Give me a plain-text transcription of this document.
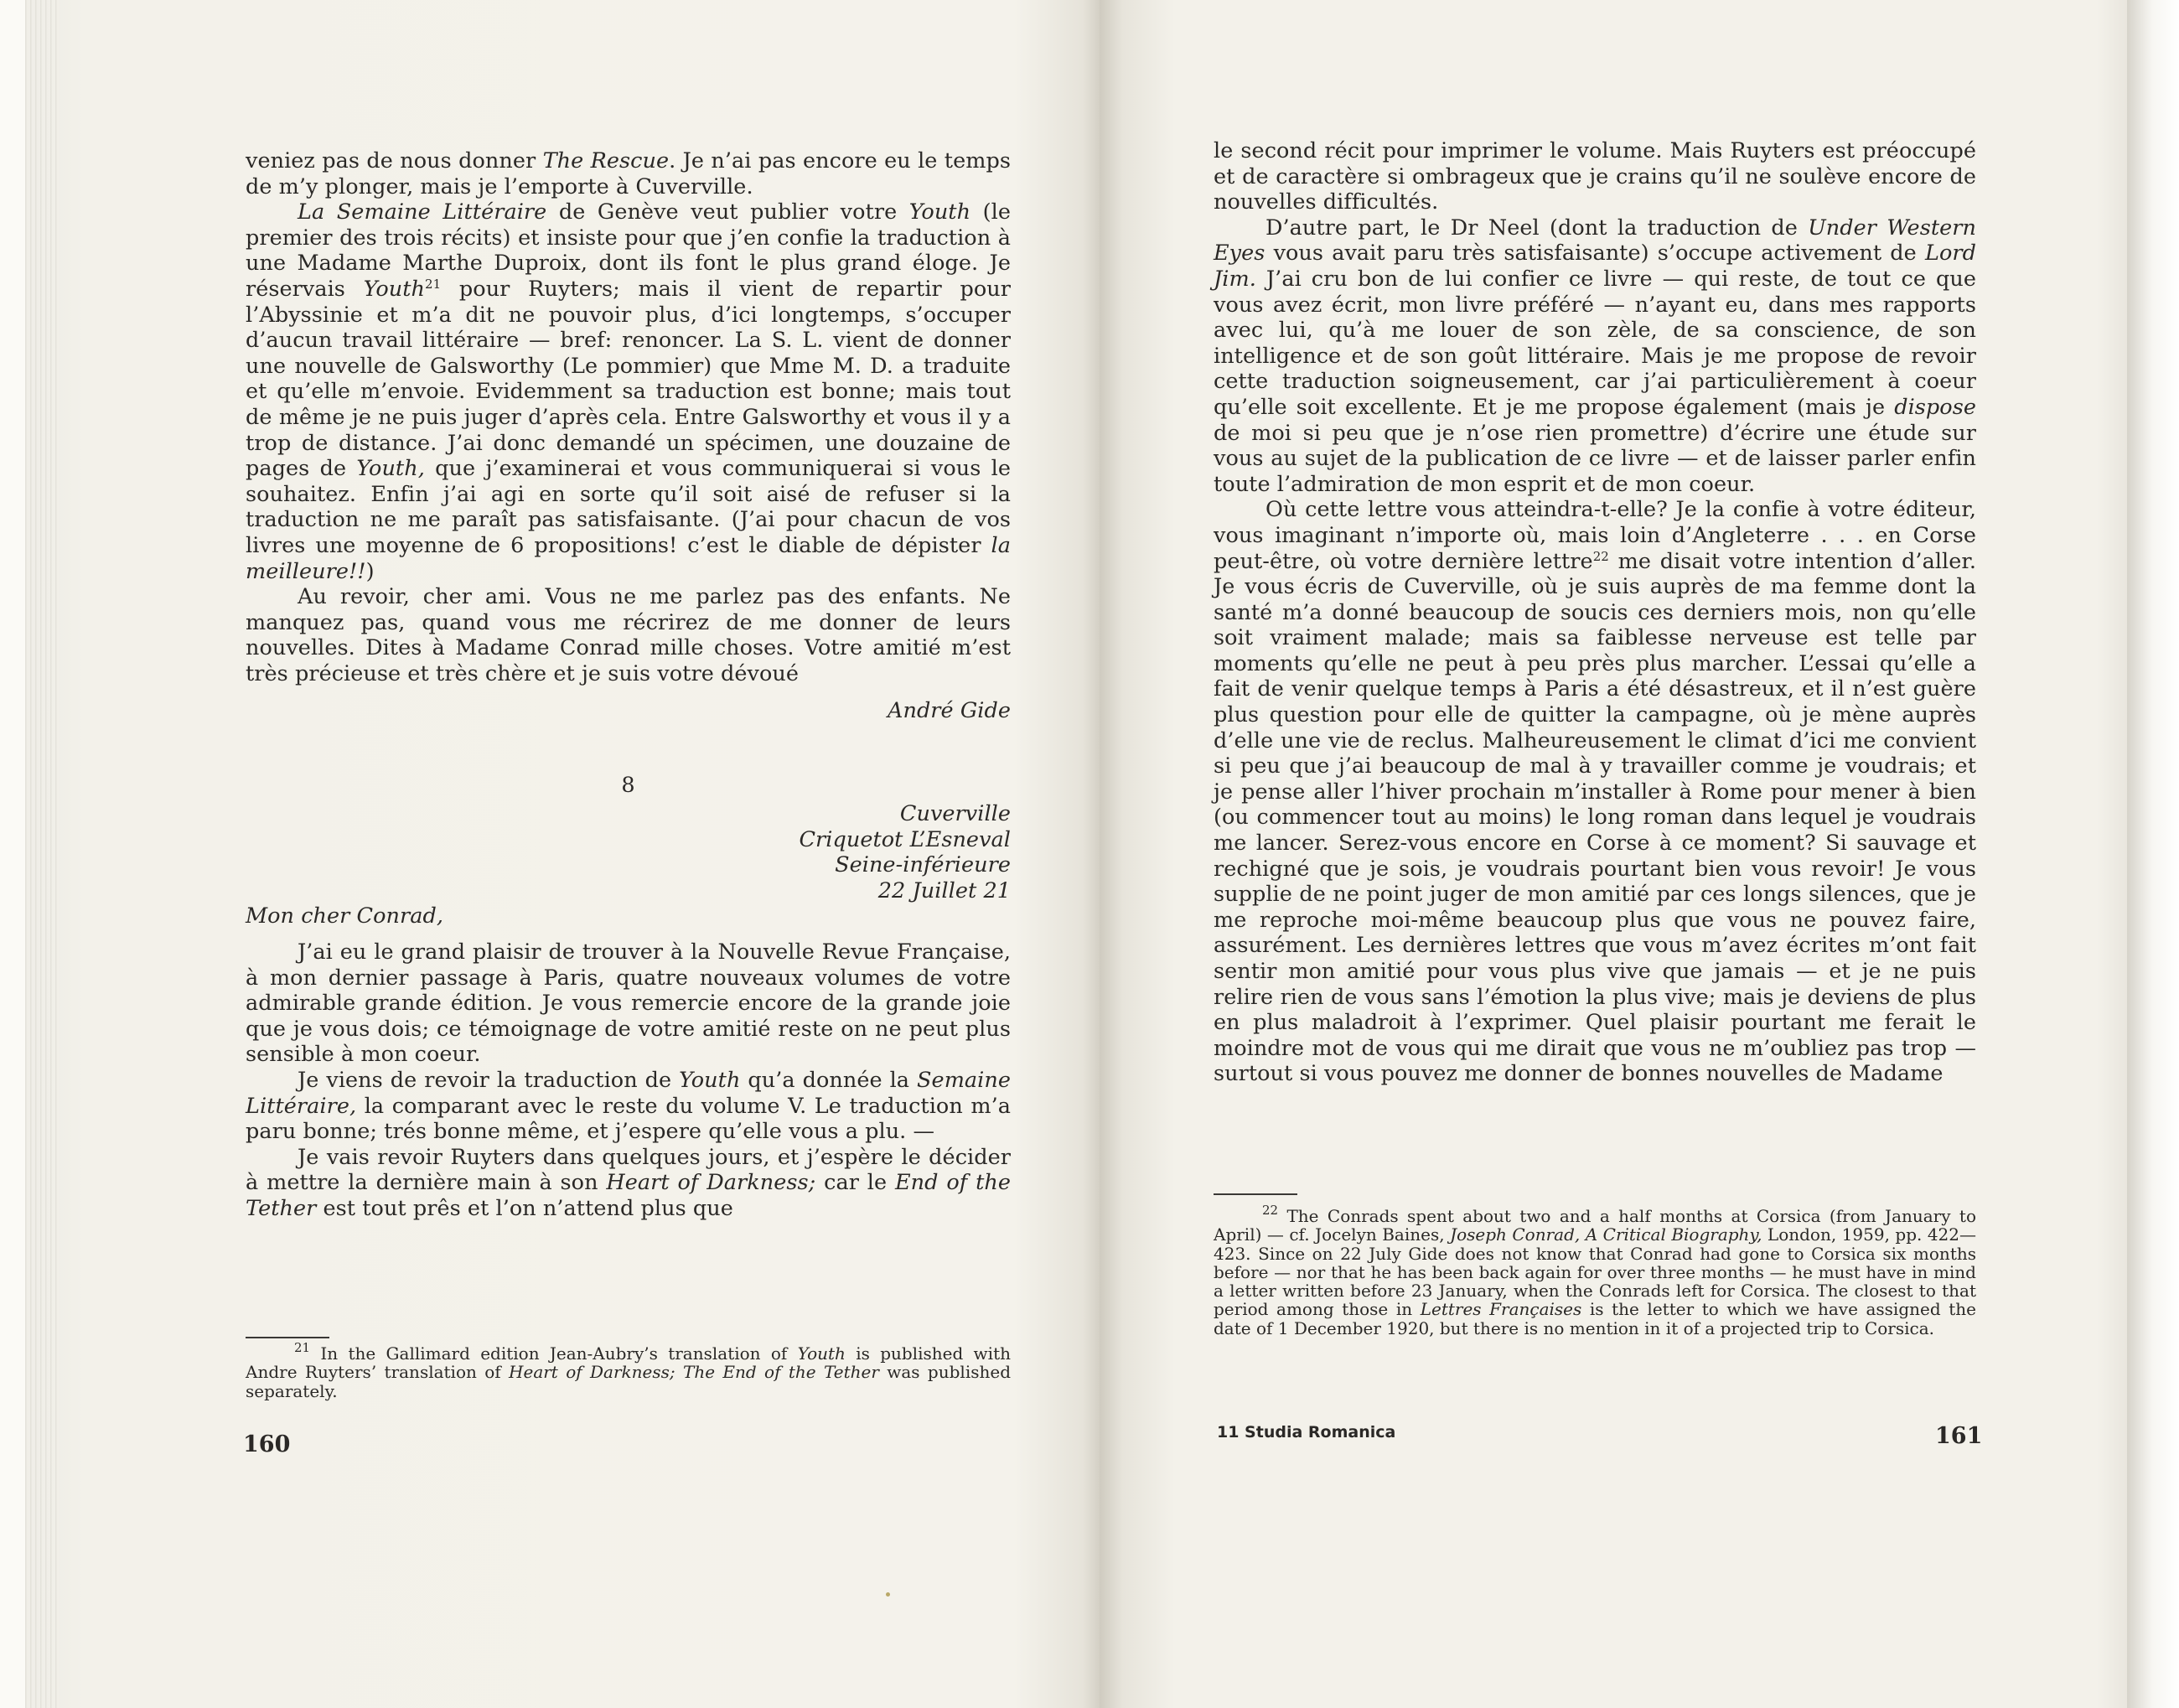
veniez pas de nous donner The Rescue. Je n’ai pas encore eu le temps de m’y plonger, mais je l’emporte à Cuverville.

La Semaine Littéraire de Genève veut publier votre Youth (le premier des trois récits) et insiste pour que j’en confie la traduction à une Madame Marthe Duproix, dont ils font le plus grand éloge. Je réservais Youth$^{21}$ pour Ruyters; mais il vient de repartir pour l’Abyssinie et m’a dit ne pouvoir plus, d’ici longtemps, s’occuper d’aucun travail littéraire — bref: renoncer. La S. L. vient de donner une nouvelle de Galsworthy (Le pommier) que Mme M. D. a traduite et qu’elle m’envoie. Evidemment sa traduction est bonne; mais tout de même je ne puis juger d’après cela. Entre Galsworthy et vous il y a trop de distance. J’ai donc demandé un spécimen, une douzaine de pages de Youth, que j’examinerai et vous communiquerai si vous le souhaitez. Enfin j’ai agi en sorte qu’il soit aisé de refuser si la traduction ne me paraît pas satisfaisante. (J’ai pour chacun de vos livres une moyenne de 6 propositions! c’est le diable de dépister la meilleure!!)

Au revoir, cher ami. Vous ne me parlez pas des enfants. Ne manquez pas, quand vous me récrirez de me donner de leurs nouvelles. Dites à Madame Conrad mille choses. Votre amitié m’est très précieuse et très chère et je suis votre dévoué

André Gide
8
Cuverville
Criquetot L’Esneval
Seine-inférieure
22 Juillet 21
Mon cher Conrad,

J’ai eu le grand plaisir de trouver à la Nouvelle Revue Française, à mon dernier passage à Paris, quatre nouveaux volumes de votre admirable grande édition. Je vous remercie encore de la grande joie que je vous dois; ce témoignage de votre amitié reste on ne peut plus sensible à mon coeur.

Je viens de revoir la traduction de Youth qu’a donnée la Semaine Littéraire, la comparant avec le reste du volume V. Le traduction m’a paru bonne; trés bonne même, et j’espere qu’elle vous a plu. —

Je vais revoir Ruyters dans quelques jours, et j’espère le décider à mettre la dernière main à son Heart of Darkness; car le End of the Tether est tout prês et l’on n’attend plus que

$^{21}$ In the Gallimard edition Jean-Aubry’s translation of Youth is published with Andre Ruyters’ translation of Heart of Darkness; The End of the Tether was published separately.

160

le second récit pour imprimer le volume. Mais Ruyters est préoccupé et de caractère si ombrageux que je crains qu’il ne soulève encore de nouvelles difficultés.

D’autre part, le Dr Neel (dont la traduction de Under Western Eyes vous avait paru très satisfaisante) s’occupe activement de Lord Jim. J’ai cru bon de lui confier ce livre — qui reste, de tout ce que vous avez écrit, mon livre préféré — n’ayant eu, dans mes rapports avec lui, qu’à me louer de son zèle, de sa conscience, de son intelligence et de son goût littéraire. Mais je me propose de revoir cette traduction soigneusement, car j’ai particulièrement à coeur qu’elle soit excellente. Et je me propose également (mais je dispose de moi si peu que je n’ose rien promettre) d’écrire une étude sur vous au sujet de la publication de ce livre — et de laisser parler enfin toute l’admiration de mon esprit et de mon coeur.

Où cette lettre vous atteindra-t-elle? Je la confie à votre éditeur, vous imaginant n’importe où, mais loin d’Angleterre . . . en Corse peut-être, où votre dernière lettre$^{22}$ me disait votre intention d’aller. Je vous écris de Cuverville, où je suis auprès de ma femme dont la santé m’a donné beaucoup de soucis ces derniers mois, non qu’elle soit vraiment malade; mais sa faiblesse nerveuse est telle par moments qu’elle ne peut à peu près plus marcher. L’essai qu’elle a fait de venir quelque temps à Paris a été désastreux, et il n’est guère plus question pour elle de quitter la campagne, où je mène auprès d’elle une vie de reclus. Malheureusement le climat d’ici me convient si peu que j’ai beaucoup de mal à y travailler comme je voudrais; et je pense aller l’hiver prochain m’installer à Rome pour mener à bien (ou commencer tout au moins) le long roman dans lequel je voudrais me lancer. Serez-vous encore en Corse à ce moment? Si sauvage et rechigné que je sois, je voudrais pourtant bien vous revoir! Je vous supplie de ne point juger de mon amitié par ces longs silences, que je me reproche moi-même beaucoup plus que vous ne pouvez faire, assurément. Les dernières lettres que vous m’avez écrites m’ont fait sentir mon amitié pour vous plus vive que jamais — et je ne puis relire rien de vous sans l’émotion la plus vive; mais je deviens de plus en plus maladroit à l’exprimer. Quel plaisir pourtant me ferait le moindre mot de vous qui me dirait que vous ne m’oubliez pas trop — surtout si vous pouvez me donner de bonnes nouvelles de Madame

$^{22}$ The Conrads spent about two and a half months at Corsica (from January to April) — cf. Jocelyn Baines, Joseph Conrad, A Critical Biography, London, 1959, pp. 422—423. Since on 22 July Gide does not know that Conrad had gone to Corsica six months before — nor that he has been back again for over three months — he must have in mind a letter written before 23 January, when the Conrads left for Corsica. The closest to that period among those in Lettres Françaises is the letter to which we have assigned the date of 1 December 1920, but there is no mention in it of a projected trip to Corsica.

11 Studia Romanica	161
